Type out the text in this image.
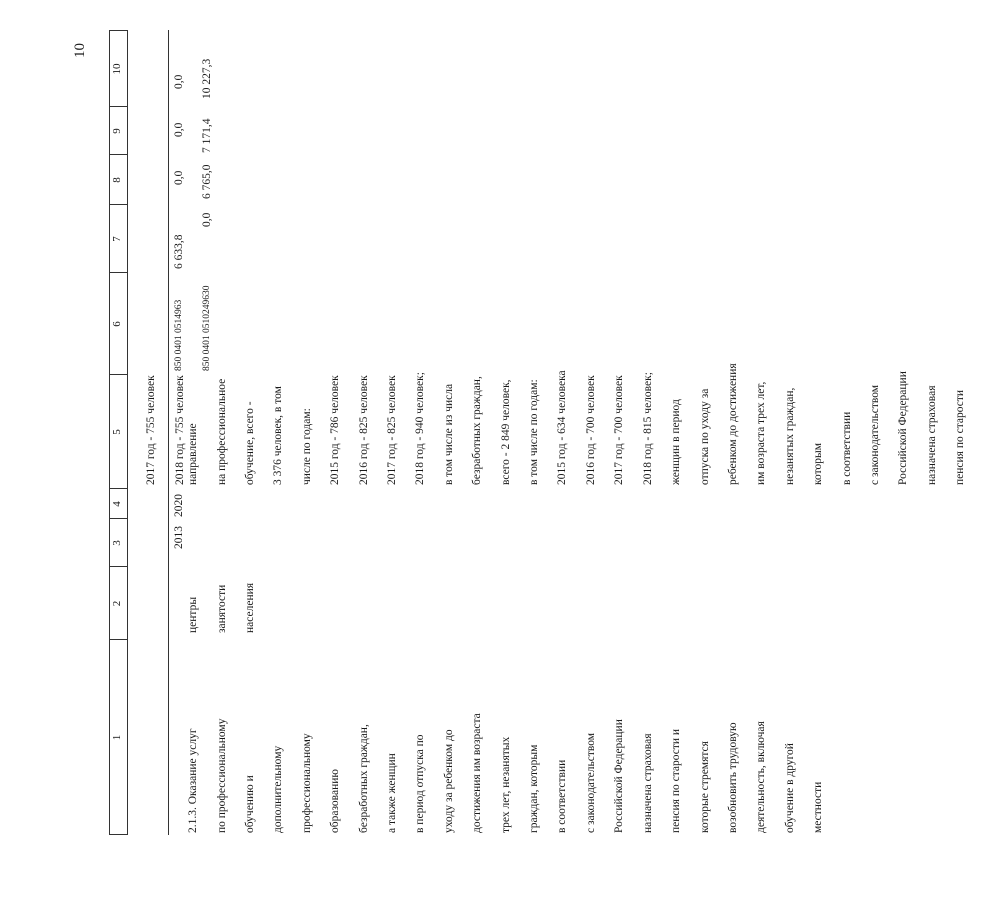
10
1
2
3
4
5
6
7
8
9
10

2017 год - 755 человек 2018 год - 755 человек

2.1.3. Оказание услуг по профессиональному обучению и дополнительному профессиональному образованию безработных граждан, а также женщин в период отпуска по уходу за ребенком до достижения им возраста трех лет, незанятых граждан, которым в соответствии с законодательством Российской Федерации назначена страховая пенсия по старости и которые стремятся возобновить трудовую деятельность, включая обучение в другой местности

центры занятости населения

2013
2020

направление на профессиональное обучение, всего - 3 376 человек, в том числе по годам: 2015 год - 786 человек 2016 год - 825 человек 2017 год - 825 человек 2018 год - 940 человек; в том числе из числа безработных граждан, всего - 2 849 человек, в том числе по годам: 2015 год - 634 человека 2016 год - 700 человек 2017 год - 700 человек 2018 год - 815 человек; женщин в период отпуска по уходу за ребенком до достижения им возраста трех лет, незанятых граждан, которым в соответствии с законодательством Российской Федерации назначена страховая пенсия по старости

850 0401 0514963
6 633,8
0,0
0,0
0,0
850 0401 0510249630
0,0
6 765,0
7 171,4
10 227,3
